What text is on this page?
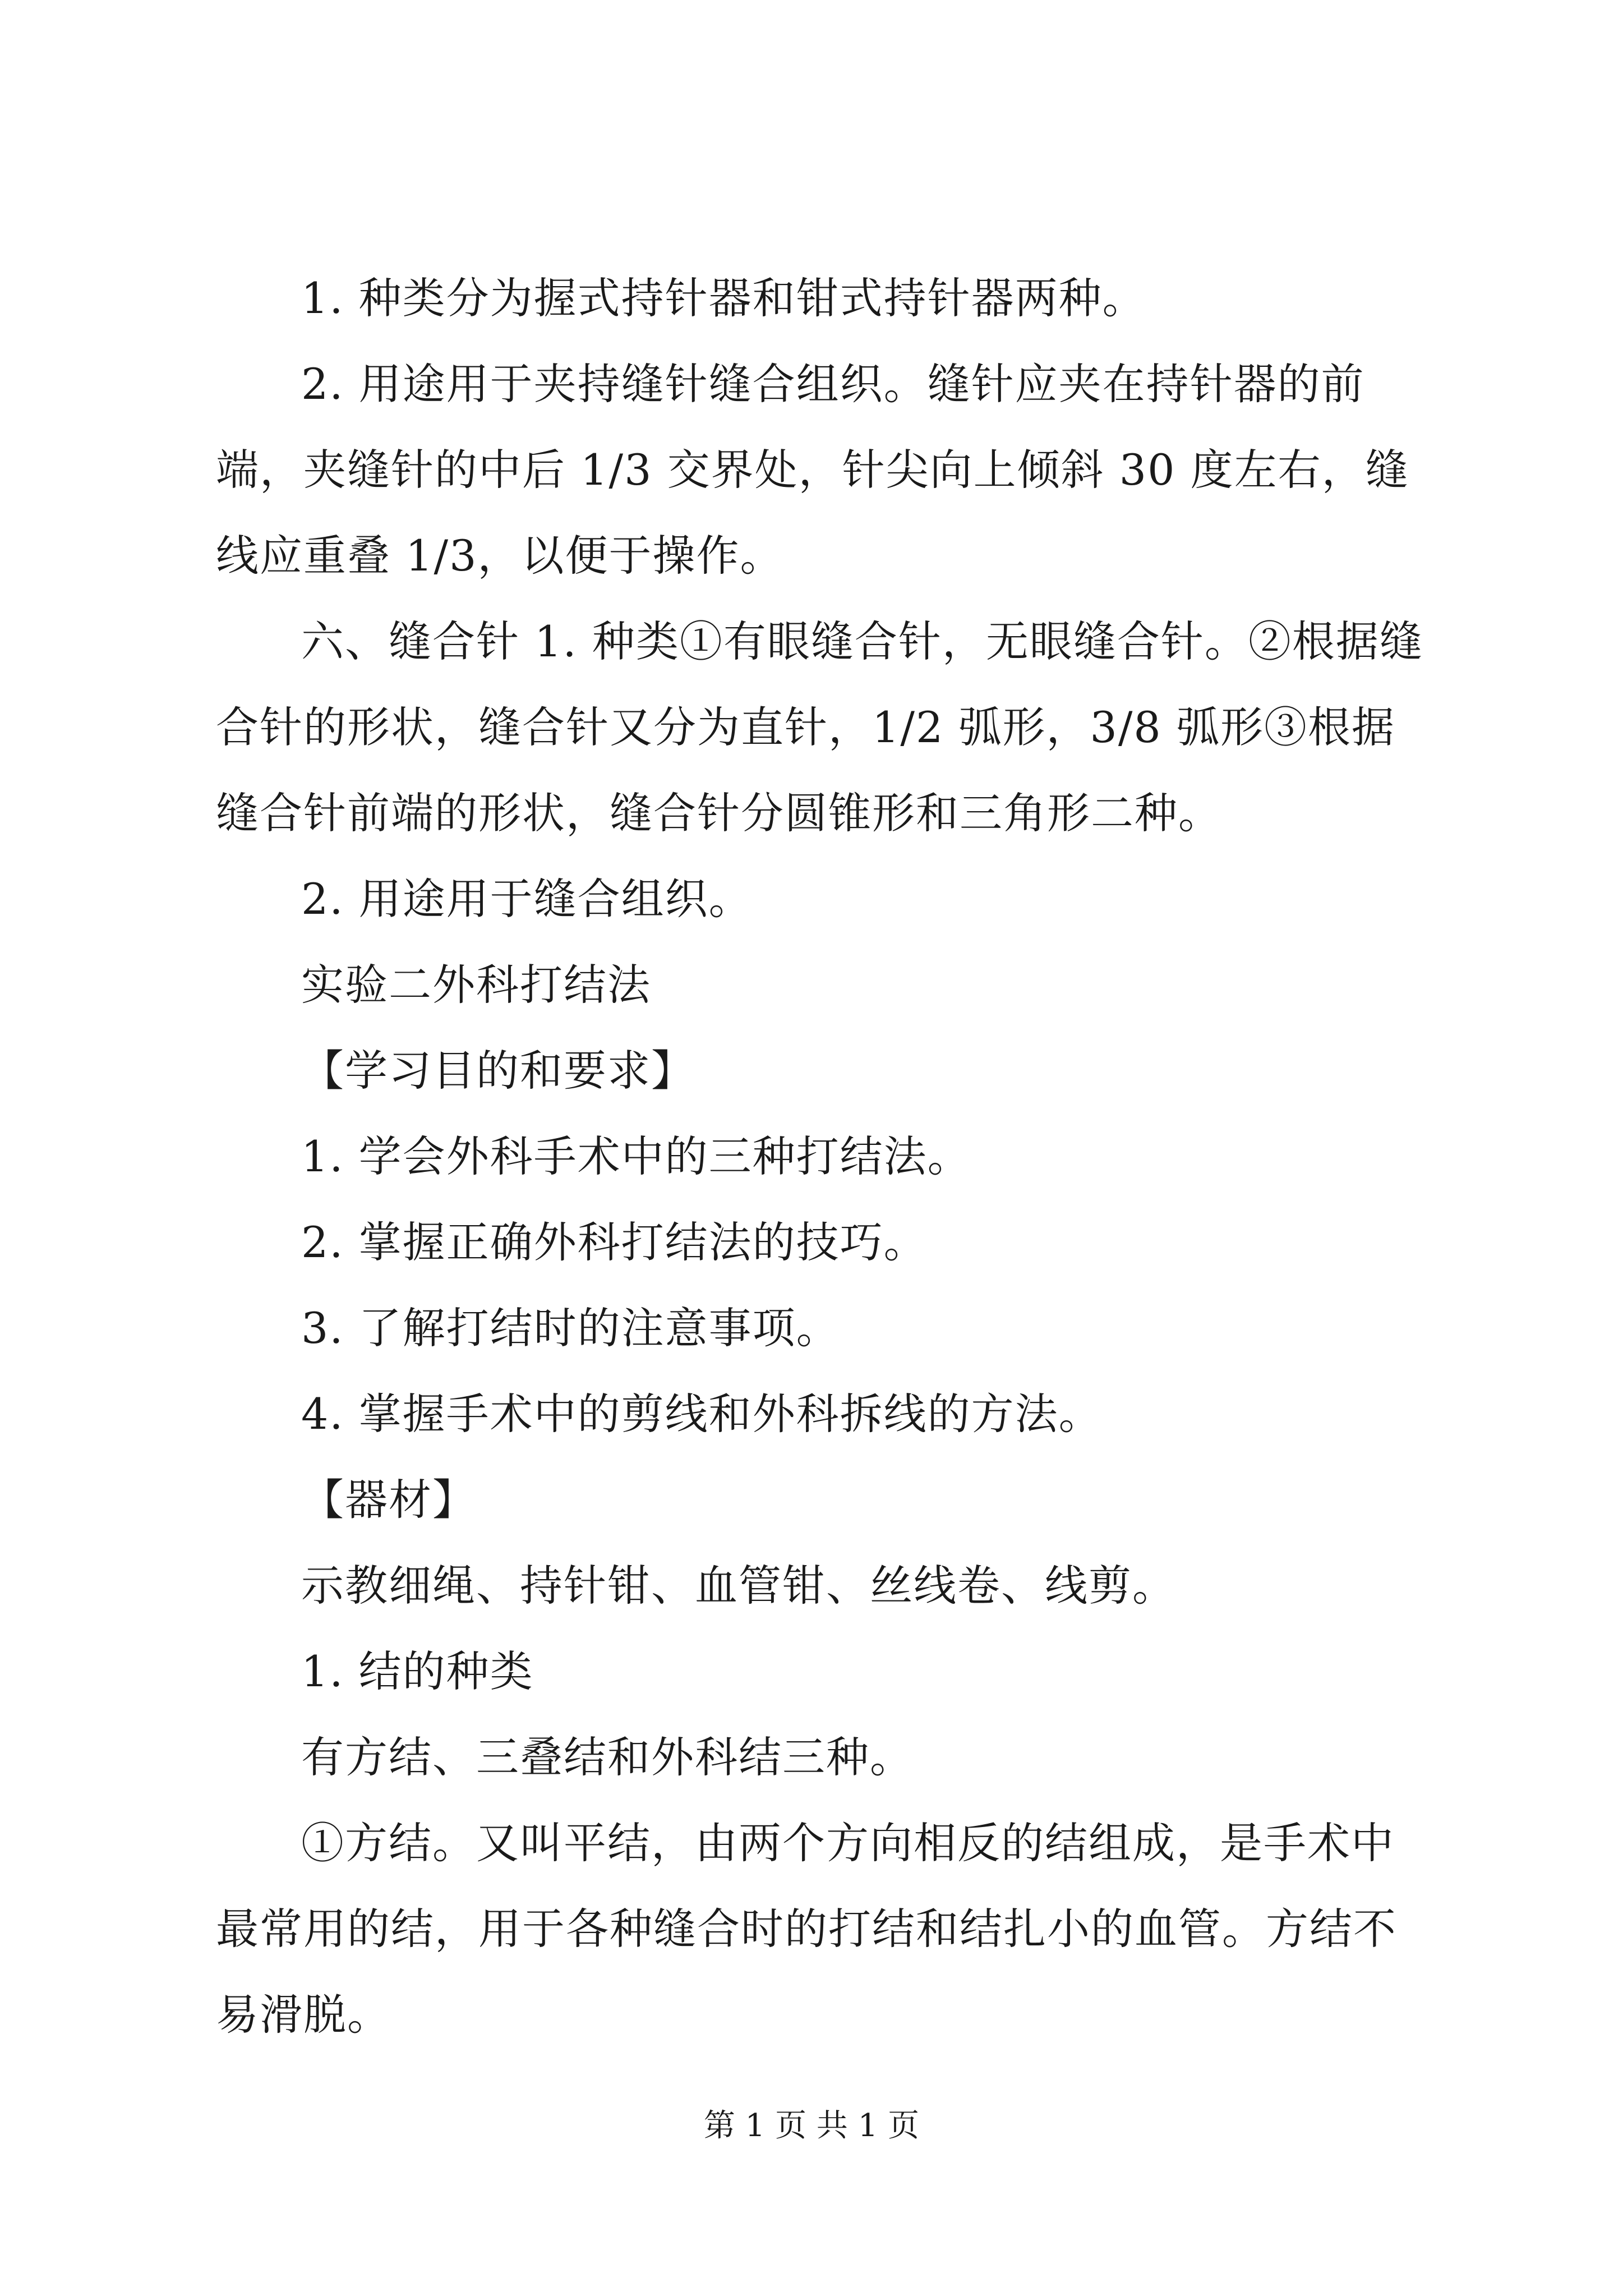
1. 种类分为握式持针器和钳式持针器两种。

2. 用途用于夹持缝针缝合组织。缝针应夹在持针器的前端，夹缝针的中后 1/3 交界处，针尖向上倾斜 30 度左右，缝线应重叠 1/3，以便于操作。

六、缝合针 1. 种类①有眼缝合针，无眼缝合针。②根据缝合针的形状，缝合针又分为直针，1/2 弧形，3/8 弧形③根据缝合针前端的形状，缝合针分圆锥形和三角形二种。

2. 用途用于缝合组织。

实验二外科打结法

【学习目的和要求】

1. 学会外科手术中的三种打结法。

2. 掌握正确外科打结法的技巧。

3. 了解打结时的注意事项。

4. 掌握手术中的剪线和外科拆线的方法。

【器材】

示教细绳、持针钳、血管钳、丝线卷、线剪。

1. 结的种类

有方结、三叠结和外科结三种。

①方结。又叫平结，由两个方向相反的结组成，是手术中最常用的结，用于各种缝合时的打结和结扎小的血管。方结不易滑脱。

第 1 页 共 1 页
